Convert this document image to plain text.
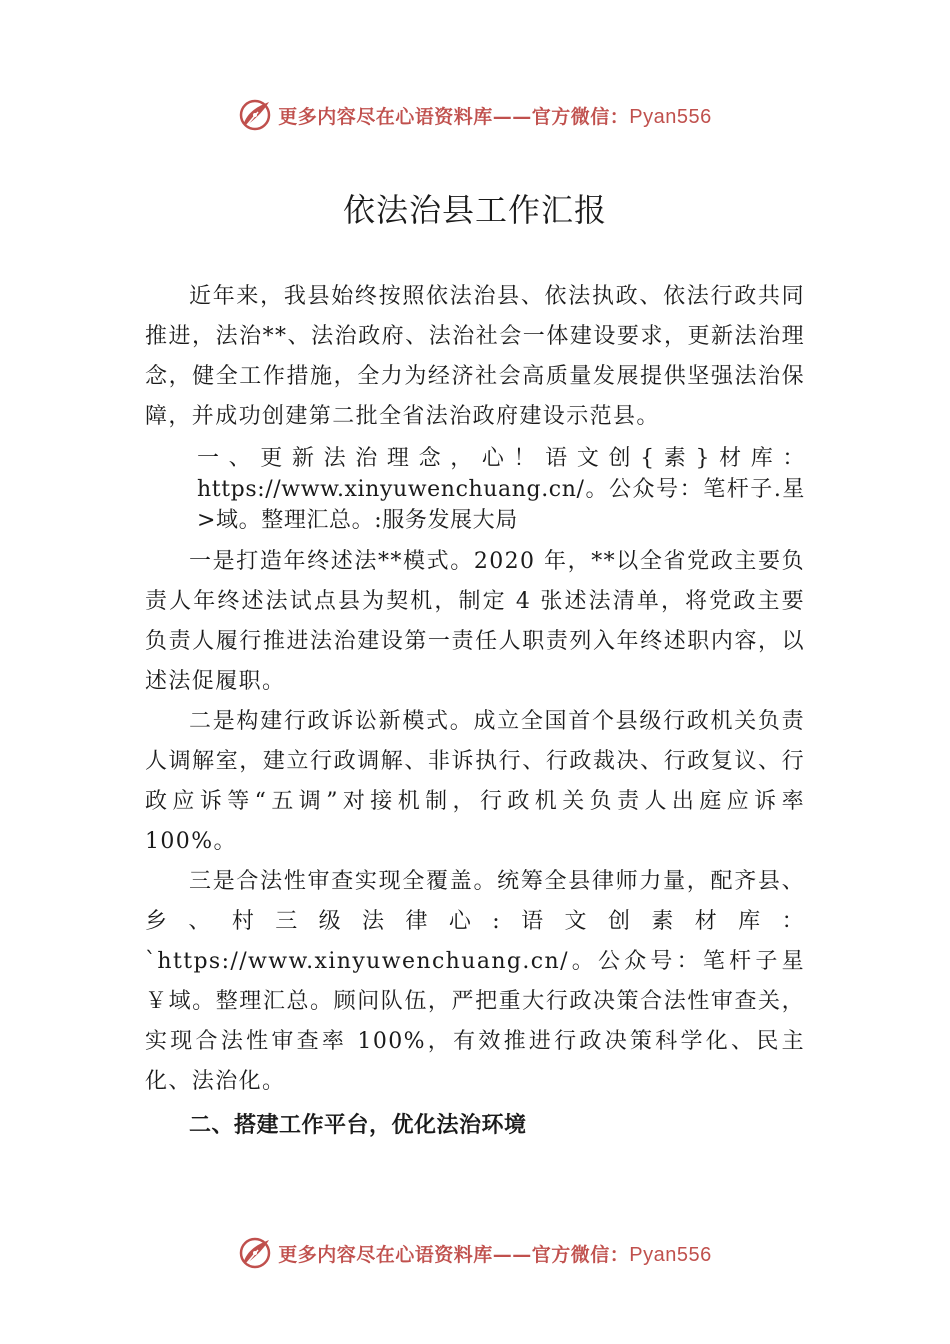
更多内容尽在心语资料库——官方微信：Pyan556
依法治县工作汇报

近年来，我县始终按照依法治县、依法执政、依法行政共同推进，法治**、法治政府、法治社会一体建设要求，更新法治理念，健全工作措施，全力为经济社会高质量发展提供坚强法治保障，并成功创建第二批全省法治政府建设示范县。

一、更新法治理念，心！语文创{素}材库：https://www.xinyuwenchuang.cn/。公众号：笔杆子.星>域。整理汇总。:服务发展大局

一是打造年终述法**模式。2020 年，**以全省党政主要负责人年终述法试点县为契机，制定 4 张述法清单，将党政主要负责人履行推进法治建设第一责任人职责列入年终述职内容，以述法促履职。

二是构建行政诉讼新模式。成立全国首个县级行政机关负责人调解室，建立行政调解、非诉执行、行政裁决、行政复议、行政应诉等“五调”对接机制，行政机关负责人出庭应诉率 100%。

三是合法性审查实现全覆盖。统筹全县律师力量，配齐县、乡、村三级法律心:语文创素材库：`https://www.xinyuwenchuang.cn/。公众号：笔杆子星￥域。整理汇总。顾问队伍，严把重大行政决策合法性审查关，实现合法性审查率 100%，有效推进行政决策科学化、民主化、法治化。

二、搭建工作平台，优化法治环境

更多内容尽在心语资料库——官方微信：Pyan556
